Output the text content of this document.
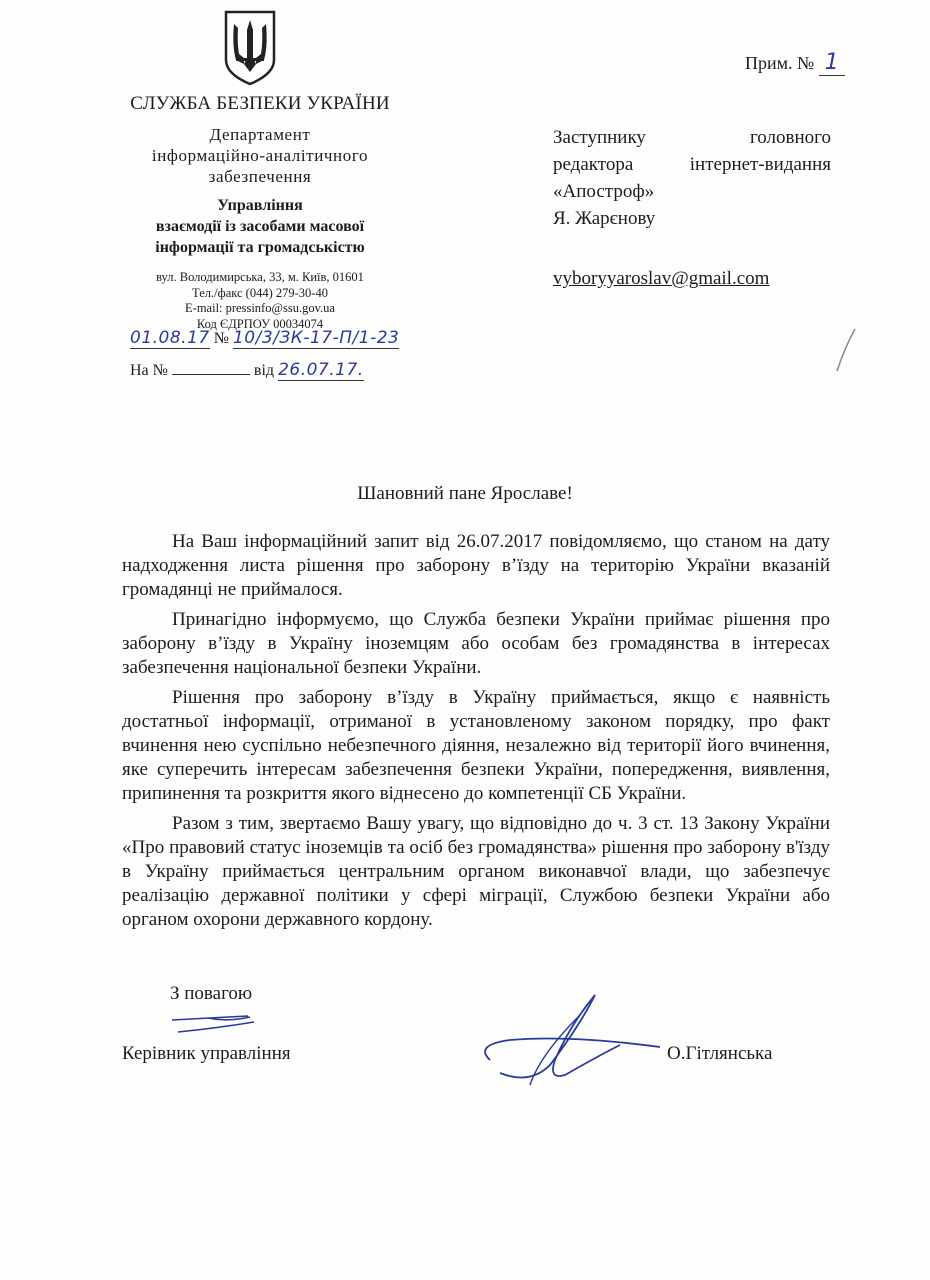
СЛУЖБА БЕЗПЕКИ УКРАЇНИ
Департамент
інформаційно-аналітичного
забезпечення
Управління
взаємодії із засобами масової
інформації та громадськістю
вул. Володимирська, 33, м. Київ, 01601
Тел./факс (044) 279-30-40
E-mail: pressinfo@ssu.gov.ua
Код ЄДРПОУ 00034074
01.08.17 № 10/3/ЗК-17-П/1-23
На №	від 26.07.17.
Прим. № 1
Заступнику	головного
редактора	інтернет-видання
«Апостроф»
Я. Жарєнову
vyboryyaroslav@gmail.com
Шановний пане Ярославе!

На Ваш інформаційний запит від 26.07.2017 повідомляємо, що станом на дату надходження листа рішення про заборону в’їзду на територію України вказаній громадянці не приймалося.

Принагідно інформуємо, що Служба безпеки України приймає рішення про заборону в’їзду в Україну іноземцям або особам без громадянства в інтересах забезпечення національної безпеки України.

Рішення про заборону в’їзду в Україну приймається, якщо є наявність достатньої інформації, отриманої в установленому законом порядку, про факт вчинення нею суспільно небезпечного діяння, незалежно від території його вчинення, яке суперечить інтересам забезпечення безпеки України, попередження, виявлення, припинення та розкриття якого віднесено до компетенції СБ України.

Разом з тим, звертаємо Вашу увагу, що відповідно до ч. 3 ст. 13 Закону України «Про правовий статус іноземців та осіб без громадянства» рішення про заборону в'їзду в Україну приймається центральним органом виконавчої влади, що забезпечує реалізацію державної політики у сфері міграції, Службою безпеки України або органом охорони державного кордону.

З повагою
Керівник управління	О.Гітлянська
